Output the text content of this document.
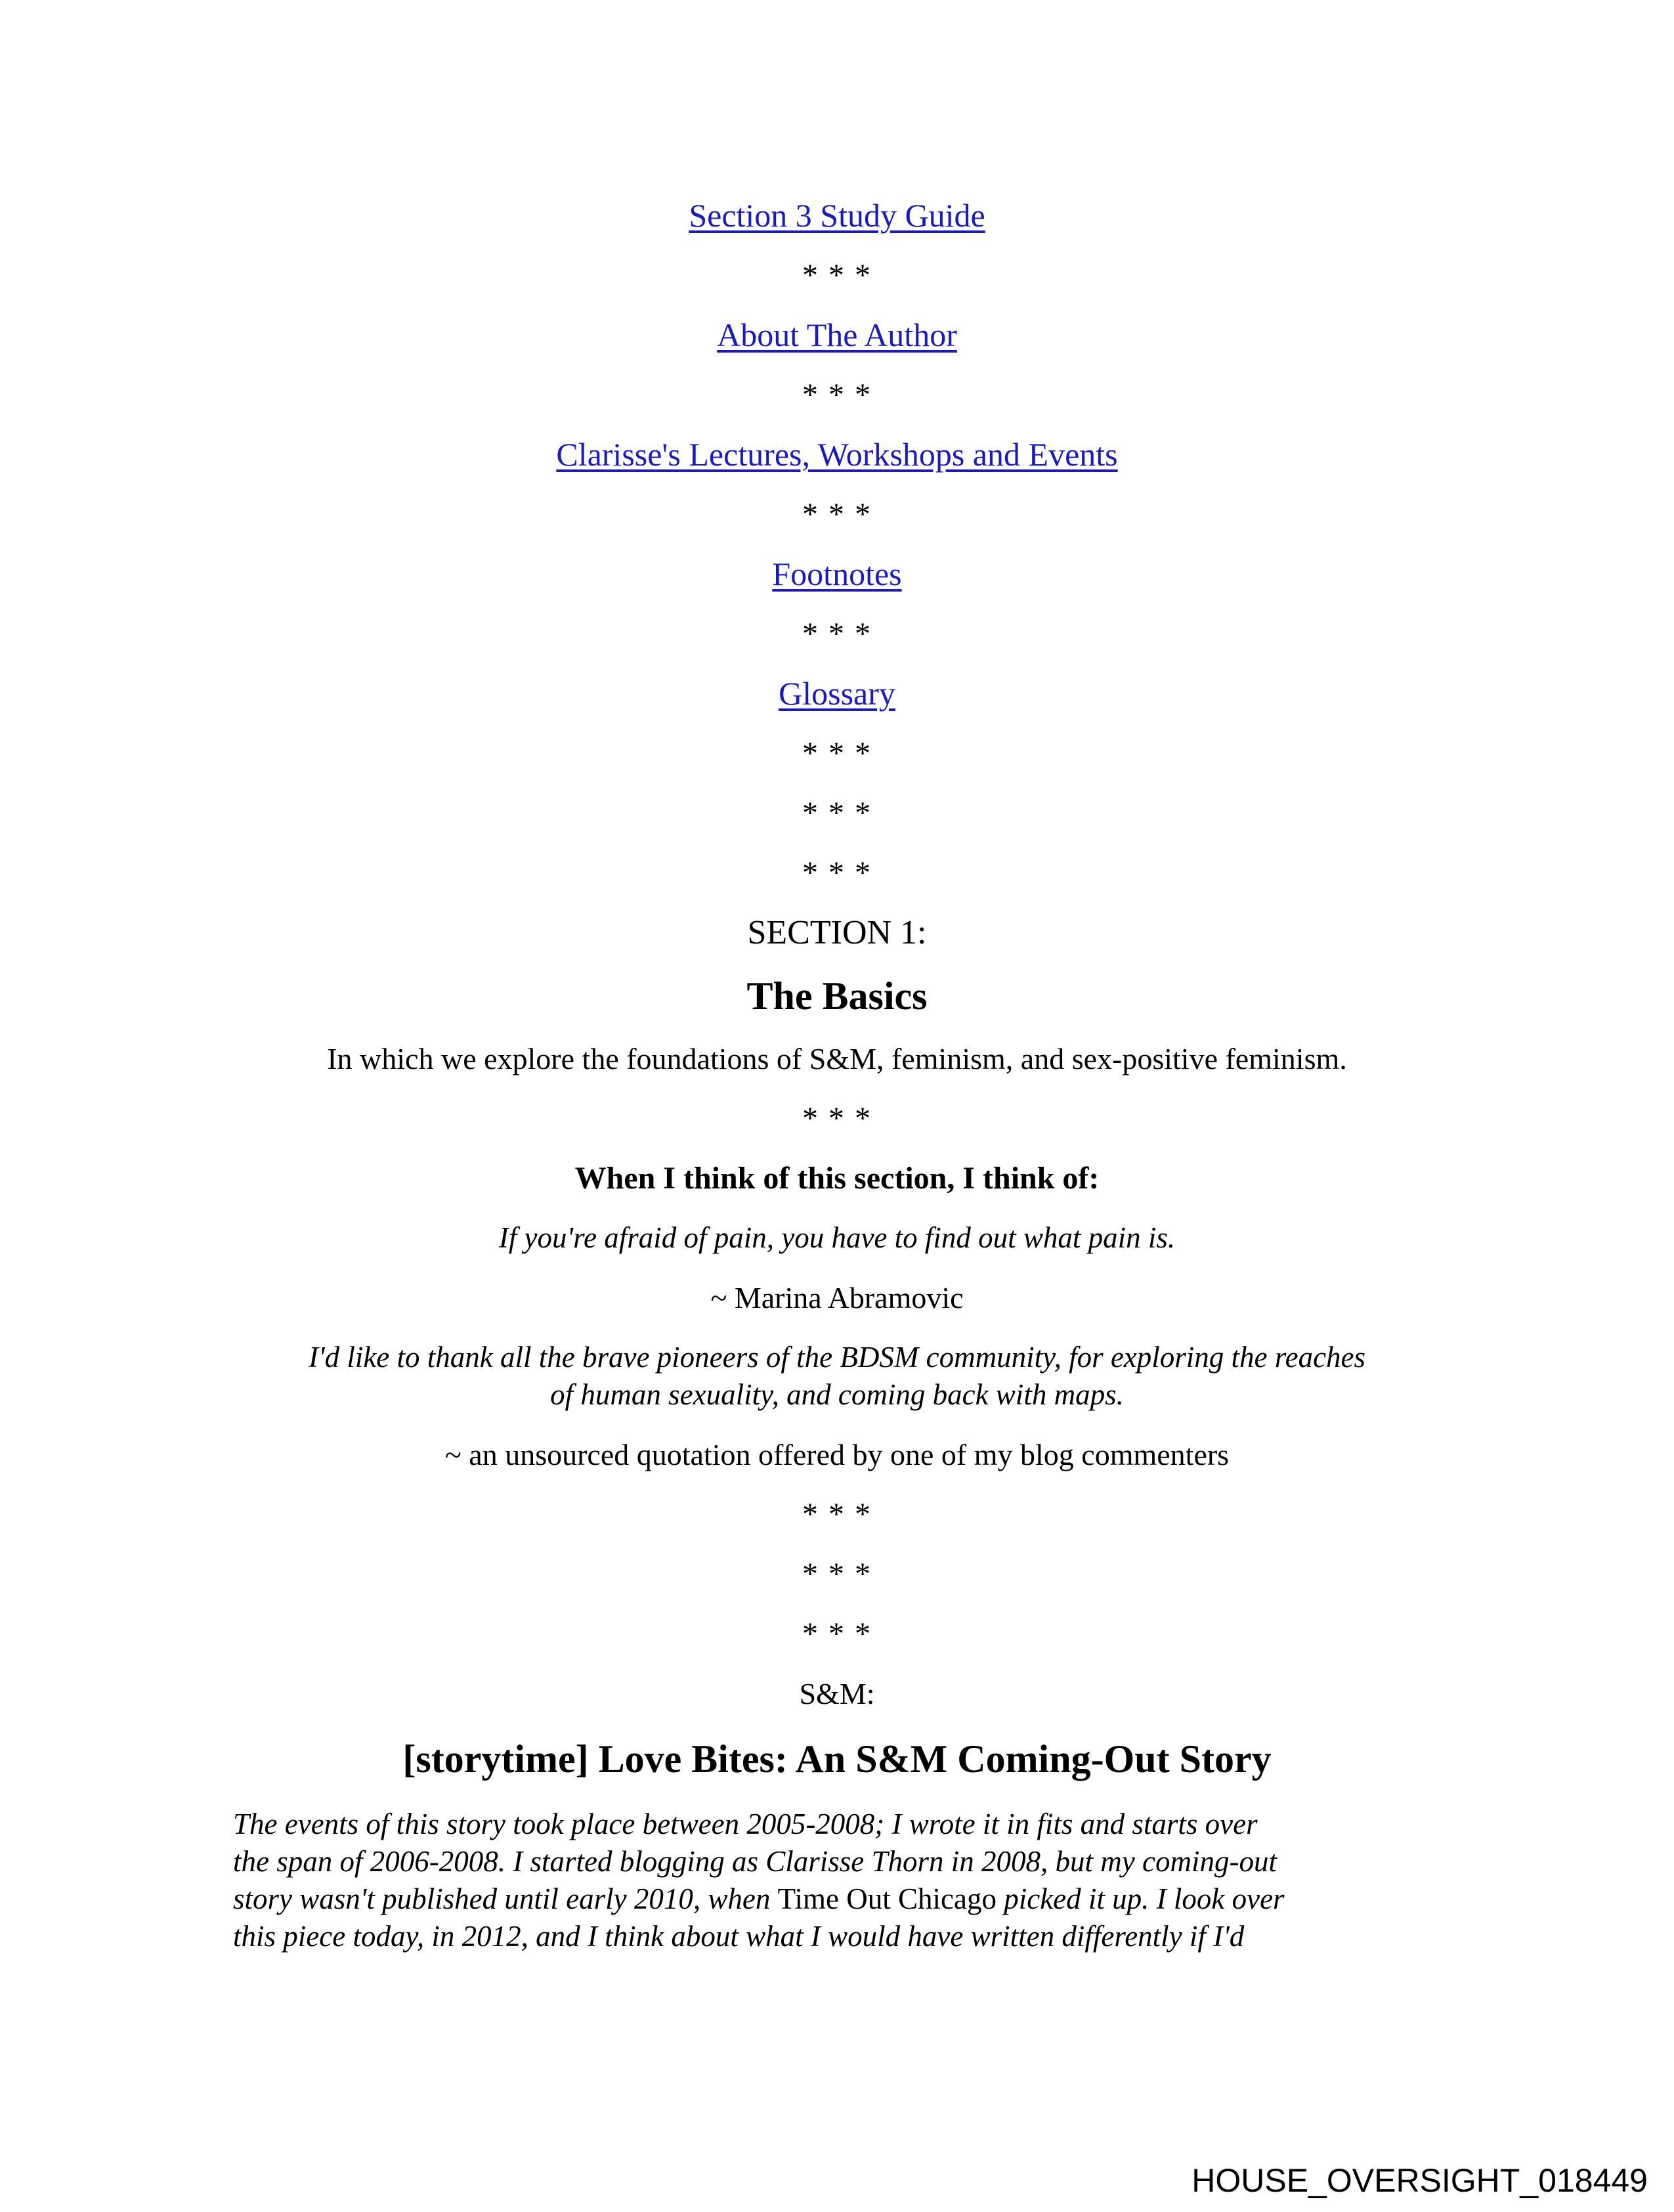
Section 3 Study Guide
* * *
About The Author
* * *
Clarisse's Lectures, Workshops and Events
* * *
Footnotes
* * *
Glossary
* * *
* * *
* * *
SECTION 1:
The Basics
In which we explore the foundations of S&M, feminism, and sex-positive feminism.
* * *
When I think of this section, I think of:
If you're afraid of pain, you have to find out what pain is.
~ Marina Abramovic
I'd like to thank all the brave pioneers of the BDSM community, for exploring the reaches
of human sexuality, and coming back with maps.
~ an unsourced quotation offered by one of my blog commenters
* * *
* * *
* * *
S&M:
[storytime] Love Bites: An S&M Coming-Out Story
The events of this story took place between 2005-2008; I wrote it in fits and starts over
the span of 2006-2008. I started blogging as Clarisse Thorn in 2008, but my coming-out
story wasn't published until early 2010, when Time Out Chicago picked it up. I look over
this piece today, in 2012, and I think about what I would have written differently if I'd
HOUSE_OVERSIGHT_018449
